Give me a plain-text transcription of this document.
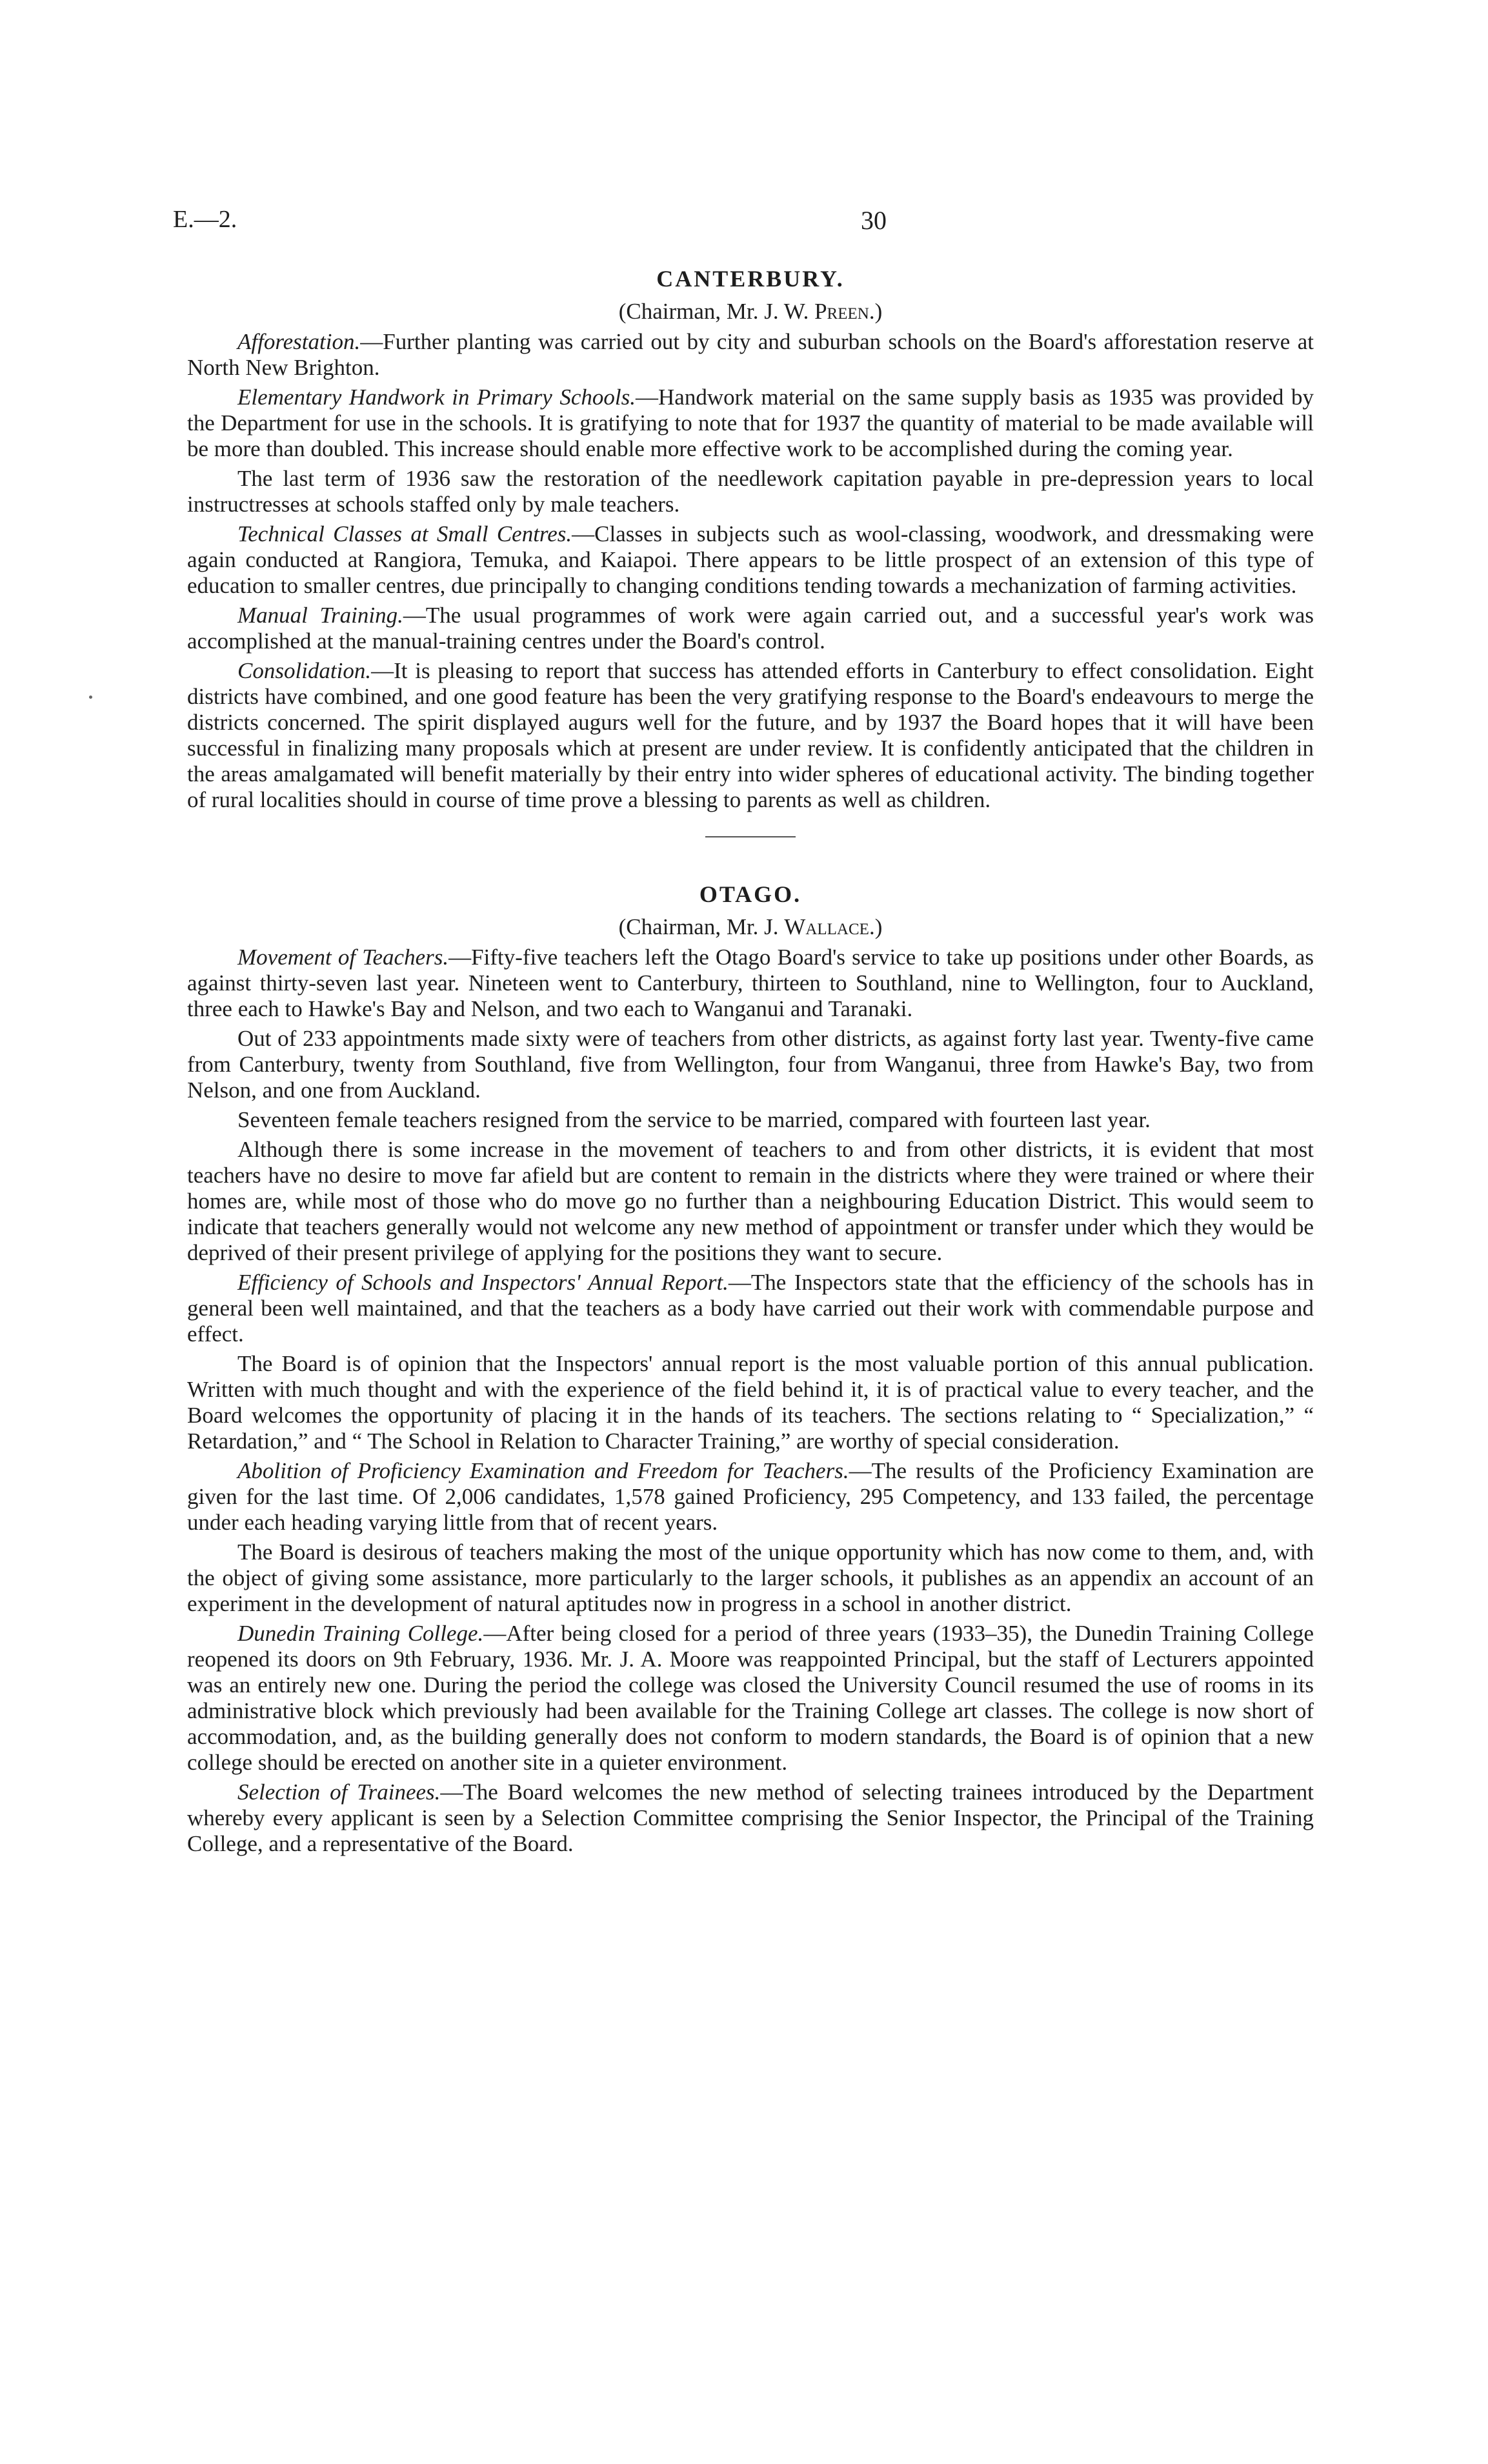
E.—2.	30
CANTERBURY.
(Chairman, Mr. J. W. Preen.)

Afforestation.—Further planting was carried out by city and suburban schools on the Board's afforestation reserve at North New Brighton.

Elementary Handwork in Primary Schools.—Handwork material on the same supply basis as 1935 was provided by the Department for use in the schools. It is gratifying to note that for 1937 the quantity of material to be made available will be more than doubled. This increase should enable more effective work to be accomplished during the coming year.

The last term of 1936 saw the restoration of the needlework capitation payable in pre-depression years to local instructresses at schools staffed only by male teachers.

Technical Classes at Small Centres.—Classes in subjects such as wool-classing, woodwork, and dressmaking were again conducted at Rangiora, Temuka, and Kaiapoi. There appears to be little prospect of an extension of this type of education to smaller centres, due principally to changing conditions tending towards a mechanization of farming activities.

Manual Training.—The usual programmes of work were again carried out, and a successful year's work was accomplished at the manual-training centres under the Board's control.

Consolidation.—It is pleasing to report that success has attended efforts in Canterbury to effect consolidation. Eight districts have combined, and one good feature has been the very gratifying response to the Board's endeavours to merge the districts concerned. The spirit displayed augurs well for the future, and by 1937 the Board hopes that it will have been successful in finalizing many proposals which at present are under review. It is confidently anticipated that the children in the areas amalgamated will benefit materially by their entry into wider spheres of educational activity. The binding together of rural localities should in course of time prove a blessing to parents as well as children.

OTAGO.
(Chairman, Mr. J. Wallace.)

Movement of Teachers.—Fifty-five teachers left the Otago Board's service to take up positions under other Boards, as against thirty-seven last year. Nineteen went to Canterbury, thirteen to Southland, nine to Wellington, four to Auckland, three each to Hawke's Bay and Nelson, and two each to Wanganui and Taranaki.

Out of 233 appointments made sixty were of teachers from other districts, as against forty last year. Twenty-five came from Canterbury, twenty from Southland, five from Wellington, four from Wanganui, three from Hawke's Bay, two from Nelson, and one from Auckland.

Seventeen female teachers resigned from the service to be married, compared with fourteen last year.

Although there is some increase in the movement of teachers to and from other districts, it is evident that most teachers have no desire to move far afield but are content to remain in the districts where they were trained or where their homes are, while most of those who do move go no further than a neighbouring Education District. This would seem to indicate that teachers generally would not welcome any new method of appointment or transfer under which they would be deprived of their present privilege of applying for the positions they want to secure.

Efficiency of Schools and Inspectors' Annual Report.—The Inspectors state that the efficiency of the schools has in general been well maintained, and that the teachers as a body have carried out their work with commendable purpose and effect.

The Board is of opinion that the Inspectors' annual report is the most valuable portion of this annual publication. Written with much thought and with the experience of the field behind it, it is of practical value to every teacher, and the Board welcomes the opportunity of placing it in the hands of its teachers. The sections relating to “ Specialization,” “ Retardation,” and “ The School in Relation to Character Training,” are worthy of special consideration.

Abolition of Proficiency Examination and Freedom for Teachers.—The results of the Proficiency Examination are given for the last time. Of 2,006 candidates, 1,578 gained Proficiency, 295 Competency, and 133 failed, the percentage under each heading varying little from that of recent years.

The Board is desirous of teachers making the most of the unique opportunity which has now come to them, and, with the object of giving some assistance, more particularly to the larger schools, it publishes as an appendix an account of an experiment in the development of natural aptitudes now in progress in a school in another district.

Dunedin Training College.—After being closed for a period of three years (1933–35), the Dunedin Training College reopened its doors on 9th February, 1936. Mr. J. A. Moore was reappointed Principal, but the staff of Lecturers appointed was an entirely new one. During the period the college was closed the University Council resumed the use of rooms in its administrative block which previously had been available for the Training College art classes. The college is now short of accommodation, and, as the building generally does not conform to modern standards, the Board is of opinion that a new college should be erected on another site in a quieter environment.

Selection of Trainees.—The Board welcomes the new method of selecting trainees introduced by the Department whereby every applicant is seen by a Selection Committee comprising the Senior Inspector, the Principal of the Training College, and a representative of the Board.
